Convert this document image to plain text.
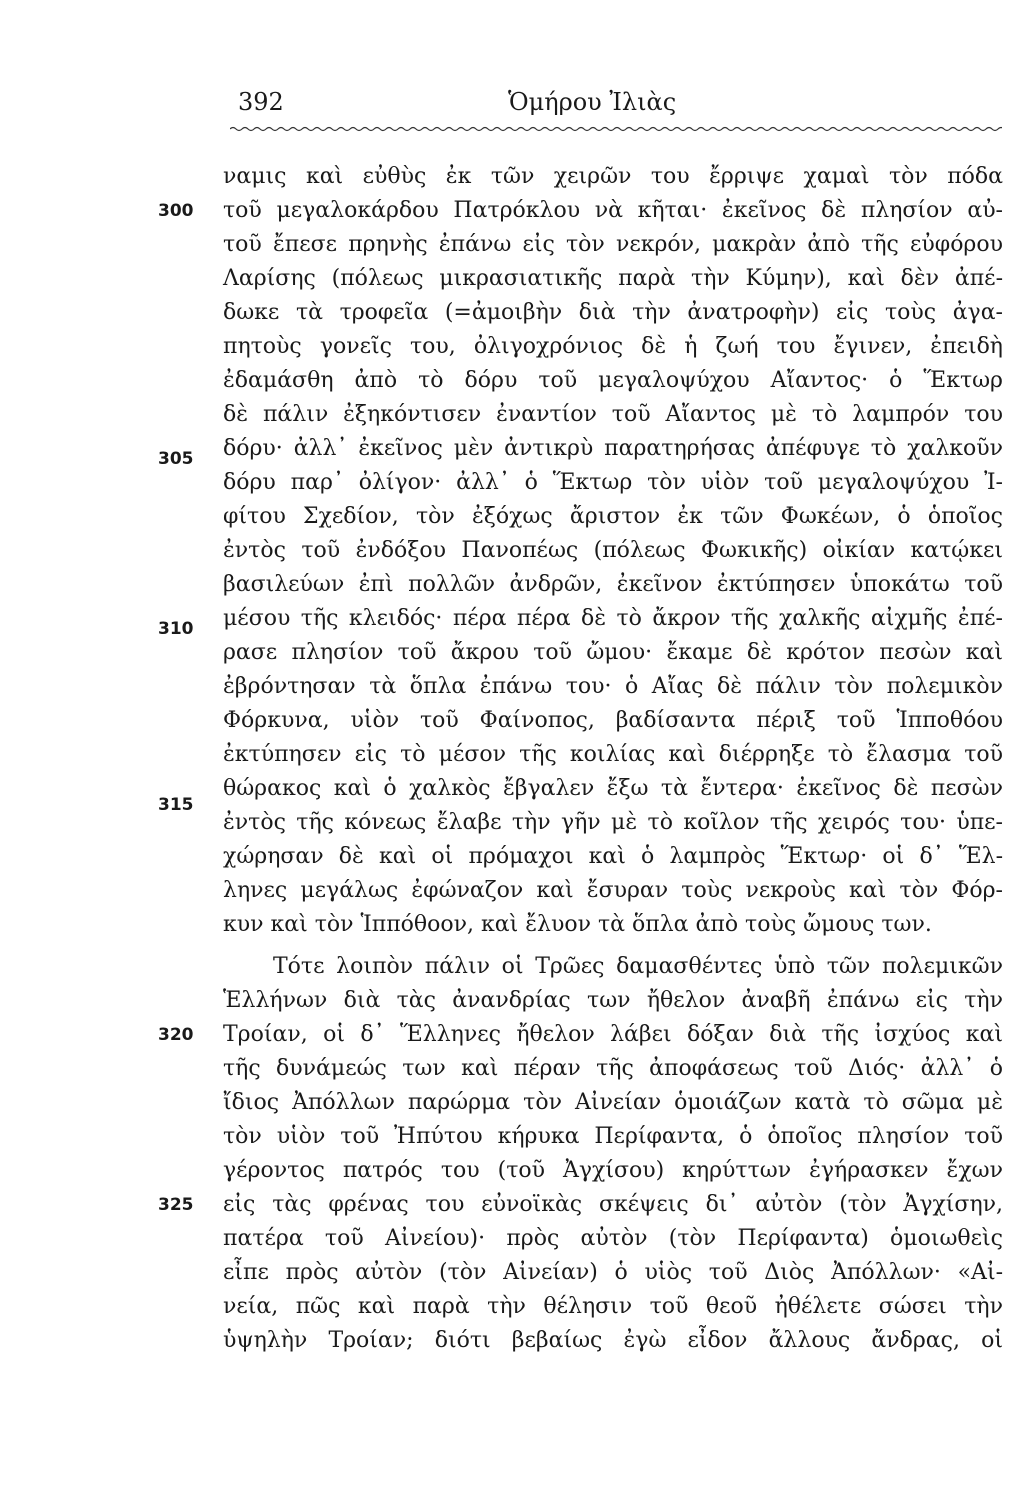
392	Ὁμήρου Ἰλιὰς
ναμις καὶ εὐθὺς ἐκ τῶν χειρῶν του ἔρριψε χαμαὶ τὸν πόδα
τοῦ μεγαλοκάρδου Πατρόκλου νὰ κῆται· ἐκεῖνος δὲ πλησίον αὐ-
τοῦ ἔπεσε πρηνὴς ἐπάνω εἰς τὸν νεκρόν, μακρὰν ἀπὸ τῆς εὐφόρου
Λαρίσης (πόλεως μικρασιατικῆς παρὰ τὴν Κύμην), καὶ δὲν ἀπέ-
δωκε τὰ τροφεῖα (=ἀμοιβὴν διὰ τὴν ἀνατροφὴν) εἰς τοὺς ἀγα-
πητοὺς γονεῖς του, ὀλιγοχρόνιος δὲ ἡ ζωή του ἔγινεν, ἐπειδὴ
ἐδαμάσθη ἀπὸ τὸ δόρυ τοῦ μεγαλοψύχου Αἴαντος· ὁ Ἕκτωρ
δὲ πάλιν ἐξηκόντισεν ἐναντίον τοῦ Αἴαντος μὲ τὸ λαμπρόν του
δόρυ· ἀλλ᾽ ἐκεῖνος μὲν ἀντικρὺ παρατηρήσας ἀπέφυγε τὸ χαλκοῦν
δόρυ παρ᾽ ὀλίγον· ἀλλ᾽ ὁ Ἕκτωρ τὸν υἱὸν τοῦ μεγαλοψύχου Ἰ-
φίτου Σχεδίον, τὸν ἐξόχως ἄριστον ἐκ τῶν Φωκέων, ὁ ὁποῖος
ἐντὸς τοῦ ἐνδόξου Πανοπέως (πόλεως Φωκικῆς) οἰκίαν κατῴκει
βασιλεύων ἐπὶ πολλῶν ἀνδρῶν, ἐκεῖνον ἐκτύπησεν ὑποκάτω τοῦ
μέσου τῆς κλειδός· πέρα πέρα δὲ τὸ ἄκρον τῆς χαλκῆς αἰχμῆς ἐπέ-
ρασε πλησίον τοῦ ἄκρου τοῦ ὤμου· ἔκαμε δὲ κρότον πεσὼν καὶ
ἐβρόντησαν τὰ ὅπλα ἐπάνω του· ὁ Αἴας δὲ πάλιν τὸν πολεμικὸν
Φόρκυνα, υἱὸν τοῦ Φαίνοπος, βαδίσαντα πέριξ τοῦ Ἱπποθόου
ἐκτύπησεν εἰς τὸ μέσον τῆς κοιλίας καὶ διέρρηξε τὸ ἔλασμα τοῦ
θώρακος καὶ ὁ χαλκὸς ἔβγαλεν ἔξω τὰ ἔντερα· ἐκεῖνος δὲ πεσὼν
ἐντὸς τῆς κόνεως ἔλαβε τὴν γῆν μὲ τὸ κοῖλον τῆς χειρός του· ὑπε-
χώρησαν δὲ καὶ οἱ πρόμαχοι καὶ ὁ λαμπρὸς Ἕκτωρ· οἱ δ᾽ Ἕλ-
ληνες μεγάλως ἐφώναζον καὶ ἔσυραν τοὺς νεκροὺς καὶ τὸν Φόρ-
κυν καὶ τὸν Ἱππόθοον, καὶ ἔλυον τὰ ὅπλα ἀπὸ τοὺς ὤμους των.
Τότε λοιπὸν πάλιν οἱ Τρῶες δαμασθέντες ὑπὸ τῶν πολεμικῶν
Ἑλλήνων διὰ τὰς ἀνανδρίας των ἤθελον ἀναβῆ ἐπάνω εἰς τὴν
Τροίαν, οἱ δ᾽ Ἕλληνες ἤθελον λάβει δόξαν διὰ τῆς ἰσχύος καὶ
τῆς δυνάμεώς των καὶ πέραν τῆς ἀποφάσεως τοῦ Διός· ἀλλ᾽ ὁ
ἴδιος Ἀπόλλων παρώρμα τὸν Αἰνείαν ὁμοιάζων κατὰ τὸ σῶμα μὲ
τὸν υἱὸν τοῦ Ἠπύτου κήρυκα Περίφαντα, ὁ ὁποῖος πλησίον τοῦ
γέροντος πατρός του (τοῦ Ἀγχίσου) κηρύττων ἐγήρασκεν ἔχων
εἰς τὰς φρένας του εὐνοϊκὰς σκέψεις δι᾽ αὐτὸν (τὸν Ἀγχίσην,
πατέρα τοῦ Αἰνείου)· πρὸς αὐτὸν (τὸν Περίφαντα) ὁμοιωθεὶς
εἶπε πρὸς αὐτὸν (τὸν Αἰνείαν) ὁ υἱὸς τοῦ Διὸς Ἀπόλλων· «Αἰ-
νεία, πῶς καὶ παρὰ τὴν θέλησιν τοῦ θεοῦ ἠθέλετε σώσει τὴν
ὑψηλὴν Τροίαν; διότι βεβαίως ἐγὼ εἶδον ἄλλους ἄνδρας, οἱ
300
305
310
315
320
325
